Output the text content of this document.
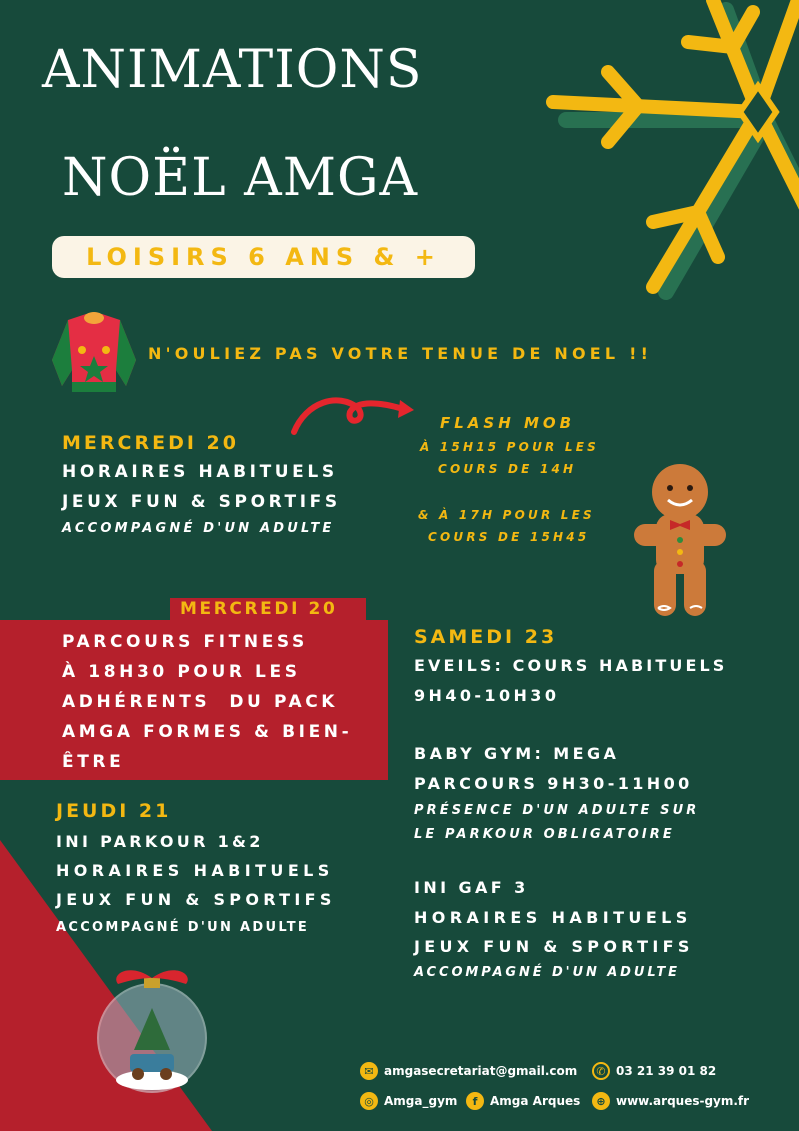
ANIMATIONS
NOËL AMGA
LOISIRS 6 ANS & +
N'OULIEZ PAS VOTRE TENUE DE NOEL !!
MERCREDI 20
HORAIRES HABITUELS
JEUX FUN & SPORTIFS
ACCOMPAGNÉ D'UN ADULTE
FLASH MOB
À 15H15 POUR LES
COURS DE 14H
& À 17H POUR LES
COURS DE 15H45
MERCREDI 20
PARCOURS FITNESS
À 18H30 POUR LES
ADHÉRENTS  DU PACK
AMGA FORMES & BIEN-
ÊTRE
JEUDI 21
INI PARKOUR 1&2
HORAIRES HABITUELS
JEUX FUN & SPORTIFS
ACCOMPAGNÉ D'UN ADULTE
SAMEDI 23
EVEILS: COURS HABITUELS
9H40-10H30
BABY GYM: MEGA
PARCOURS 9H30-11H00
PRÉSENCE D'UN ADULTE SUR
LE PARKOUR OBLIGATOIRE
INI GAF 3
HORAIRES HABITUELS
JEUX FUN & SPORTIFS
ACCOMPAGNÉ D'UN ADULTE
✉ amgasecretariat@gmail.com	✆ 03 21 39 01 82
◎ Amga_gym	f	Amga Arques	⊕ www.arques-gym.fr
